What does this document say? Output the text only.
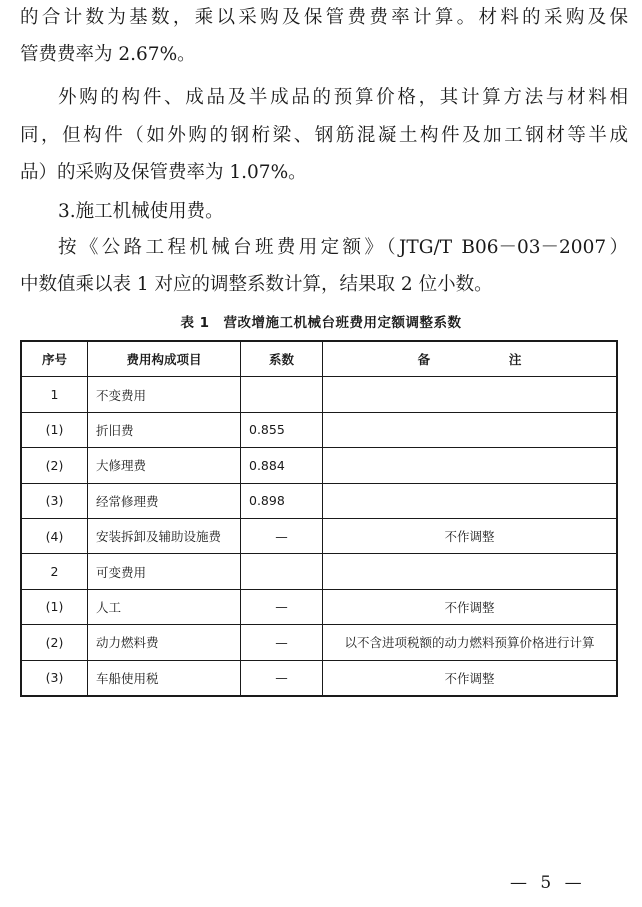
的合计数为基数，乘以采购及保管费费率计算。材料的采购及保
管费费率为 2.67%。
外购的构件、成品及半成品的预算价格，其计算方法与材料相
同，但构件（如外购的钢桁梁、钢筋混凝土构件及加工钢材等半成
品）的采购及保管费率为 1.07%。
3.施工机械使用费。
按《公路工程机械台班费用定额》（JTG/T B06－03－2007）
中数值乘以表 1 对应的调整系数计算，结果取 2 位小数。
表 1　营改增施工机械台班费用定额调整系数
序号	费用构成项目	系数	备 注
1	不变费用		
(1)	折旧费	0.855	
(2)	大修理费	0.884	
(3)	经常修理费	0.898	
(4)	安装拆卸及辅助设施费	—	不作调整
2	可变费用		
(1)	人工	—	不作调整
(2)	动力燃料费	—	以不含进项税额的动力燃料预算价格进行计算
(3)	车船使用税	—	不作调整
— 5 —
